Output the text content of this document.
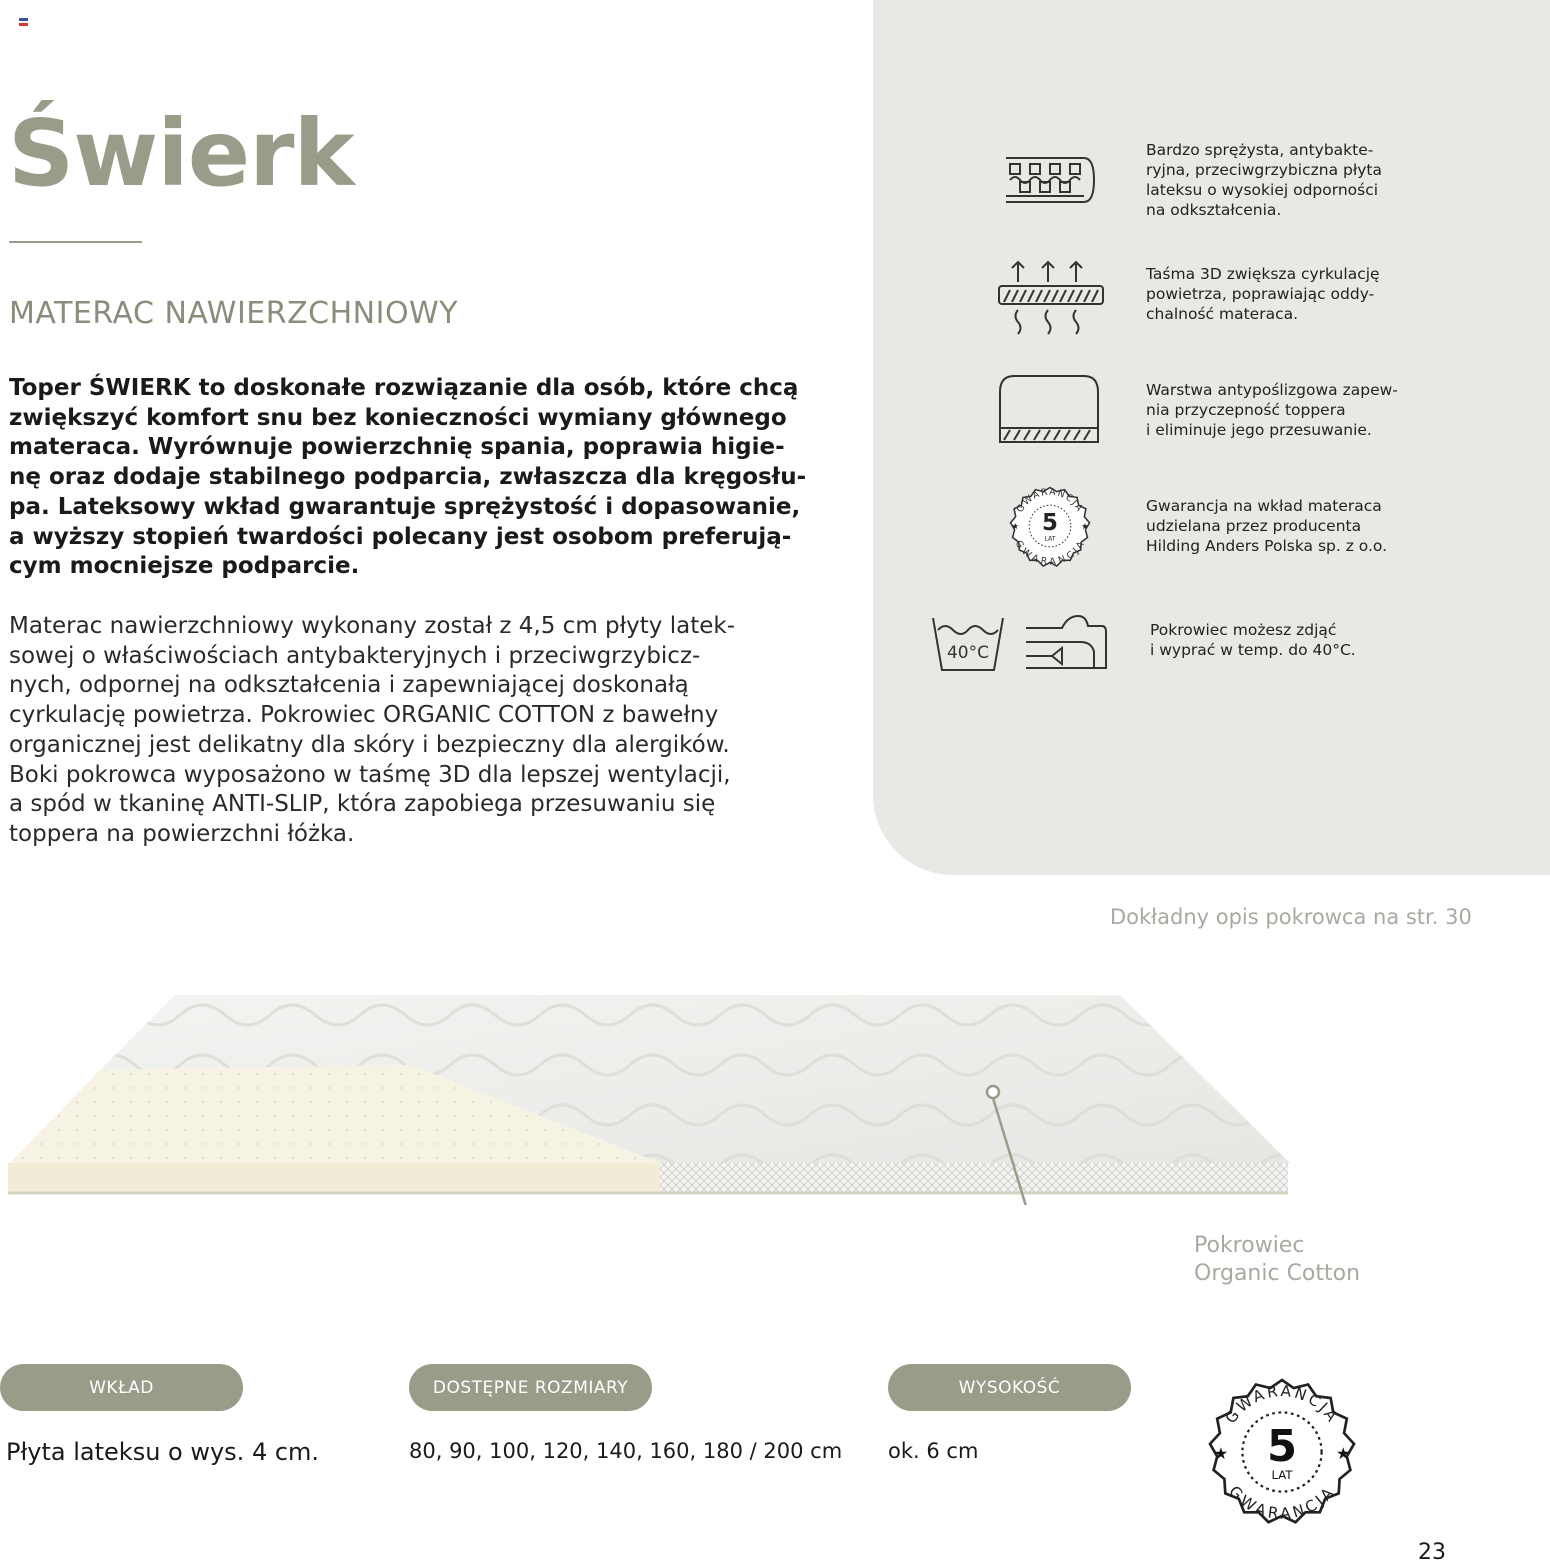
Świerk
MATERAC NAWIERZCHNIOWY

Toper ŚWIERK to doskonałe rozwiązanie dla osób, które chcą
zwiększyć komfort snu bez konieczności wymiany głównego
materaca. Wyrównuje powierzchnię spania, poprawia higie-
nę oraz dodaje stabilnego podparcia, zwłaszcza dla kręgosłu-
pa. Lateksowy wkład gwarantuje sprężystość i dopasowanie,
a wyższy stopień twardości polecany jest osobom preferują-
cym mocniejsze podparcie.

Materac nawierzchniowy wykonany został z 4,5 cm płyty latek-
sowej o właściwościach antybakteryjnych i przeciwgrzybicz-
nych, odpornej na odkształcenia i zapewniającej doskonałą
cyrkulację powietrza. Pokrowiec ORGANIC COTTON z bawełny
organicznej jest delikatny dla skóry i bezpieczny dla alergików.
Boki pokrowca wyposażono w taśmę 3D dla lepszej wentylacji,
a spód w tkaninę ANTI-SLIP, która zapobiega przesuwaniu się
toppera na powierzchni łóżka.

Bardzo sprężysta, antybakte-
ryjna, przeciwgrzybiczna płyta
lateksu o wysokiej odporności
na odkształcenia.
Taśma 3D zwiększa cyrkulację
powietrza, poprawiając oddy-
chalność materaca.
Warstwa antypoślizgowa zapew-
nia przyczepność toppera
i eliminuje jego przesuwanie.
GWARANCJA
GWARANCJA
5
LAT
★	★
Gwarancja na wkład materaca
udzielana przez producenta
Hilding Anders Polska sp. z o.o.
40°C
Pokrowiec możesz zdjąć
i wyprać w temp. do 40°C.
Dokładny opis pokrowca na str. 30
Pokrowiec
Organic Cotton
WKŁAD
Płyta lateksu o wys. 4 cm.
DOSTĘPNE ROZMIARY
80, 90, 100, 120, 140, 160, 180 / 200 cm
WYSOKOŚĆ
ok. 6 cm
GWARANCJA
GWARANCJA
5
LAT
★	★
23
